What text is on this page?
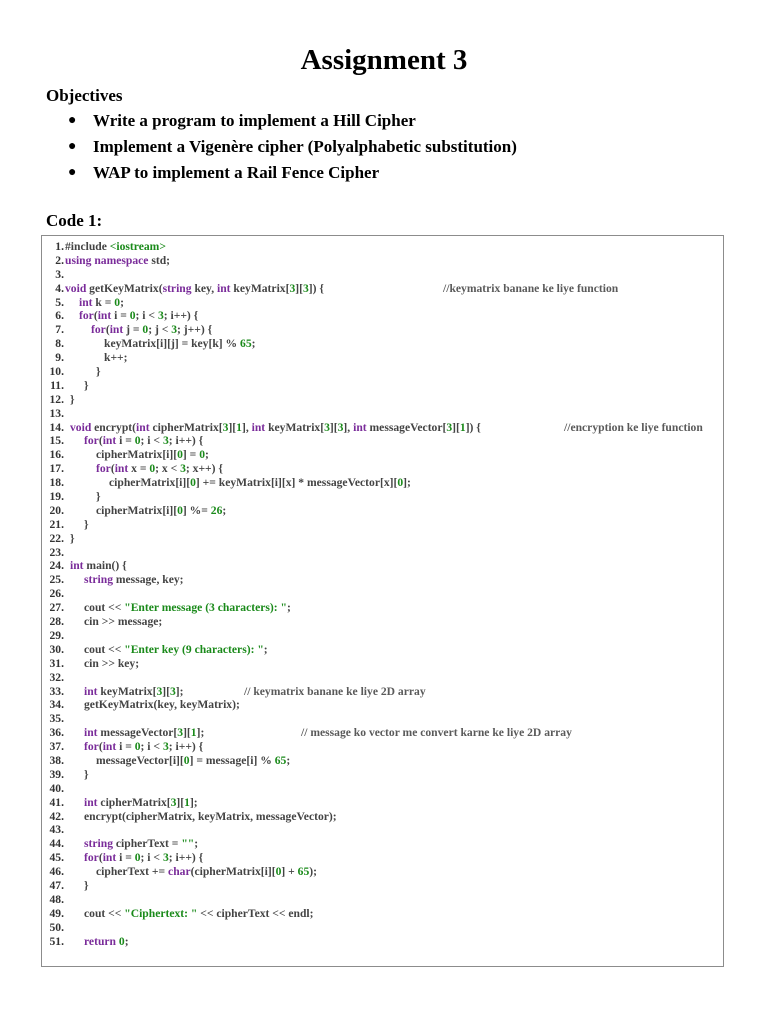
Assignment 3
Objectives
● Write a program to implement a Hill Cipher
● Implement a Vigenère cipher (Polyalphabetic substitution)
● WAP to implement a Rail Fence Cipher
Code 1:
1. #include <iostream>
2. using namespace std;
3.
4. void getKeyMatrix(string key, int keyMatrix[3][3]) {	//keymatrix banane ke liye function
5. int k = 0;
6. for(int i = 0; i < 3; i++) {
7. for(int j = 0; j < 3; j++) {
8.	keyMatrix[i][j] = key[k] % 65;
9.	k++;
10.	}
11. }
12. }
13.
14. void encrypt(int cipherMatrix[3][1], int keyMatrix[3][3], int messageVector[3][1]) {	//encryption ke liye function
15. for(int i = 0; i < 3; i++) {
16.	cipherMatrix[i][0] = 0;
17.	for(int x = 0; x < 3; x++) {
18.	cipherMatrix[i][0] += keyMatrix[i][x] * messageVector[x][0];
19.	}
20.	cipherMatrix[i][0] %= 26;
21. }
22. }
23.
24. int main() {
25. string message, key;
26.
27. cout << "Enter message (3 characters): ";
28. cin >> message;
29.
30. cout << "Enter key (9 characters): ";
31. cin >> key;
32.
33. int keyMatrix[3][3];	// keymatrix banane ke liye 2D array
34. getKeyMatrix(key, keyMatrix);
35.
36. int messageVector[3][1];	// message ko vector me convert karne ke liye 2D array
37. for(int i = 0; i < 3; i++) {
38.	messageVector[i][0] = message[i] % 65;
39. }
40.
41. int cipherMatrix[3][1];
42. encrypt(cipherMatrix, keyMatrix, messageVector);
43.
44. string cipherText = "";
45. for(int i = 0; i < 3; i++) {
46.	cipherText += char(cipherMatrix[i][0] + 65);
47. }
48.
49. cout << "Ciphertext: " << cipherText << endl;
50.
51. return 0;
